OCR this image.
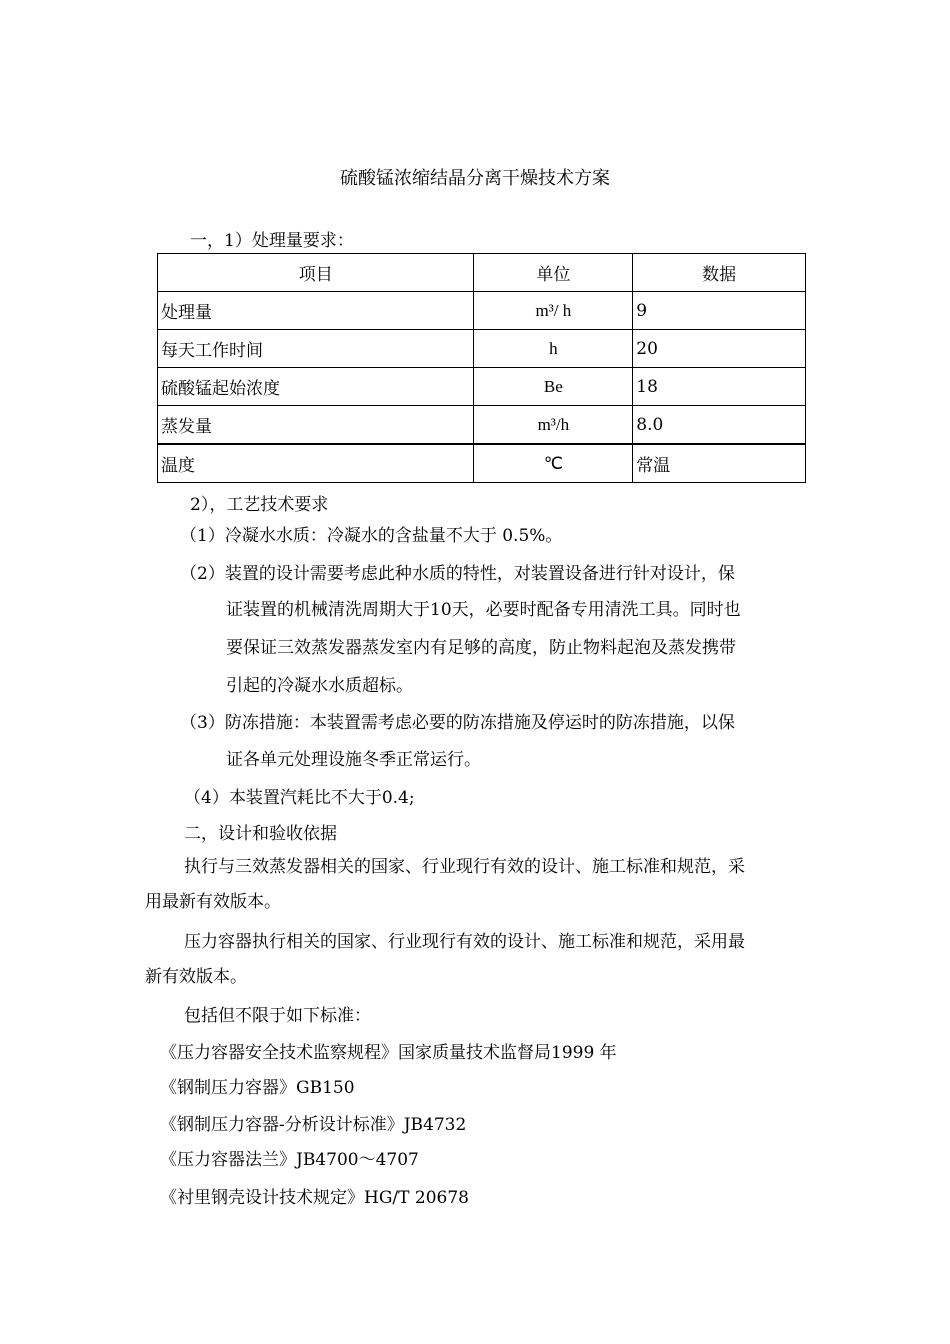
硫酸锰浓缩结晶分离干燥技术方案
一，1）处理量要求：
项目	单位	数据
处理量	m³/ h	9
每天工作时间	h	20
硫酸锰起始浓度	Be	18
蒸发量	m³/h	8.0
温度	℃	常温
2），工艺技术要求
（1）冷凝水水质：冷凝水的含盐量不大于 0.5%。
（2）装置的设计需要考虑此种水质的特性，对装置设备进行针对设计，保
证装置的机械清洗周期大于10天，必要时配备专用清洗工具。同时也
要保证三效蒸发器蒸发室内有足够的高度，防止物料起泡及蒸发携带
引起的冷凝水水质超标。
（3）防冻措施：本装置需考虑必要的防冻措施及停运时的防冻措施，以保
证各单元处理设施冬季正常运行。
（4）本装置汽耗比不大于0.4;
二，设计和验收依据
执行与三效蒸发器相关的国家、行业现行有效的设计、施工标准和规范，采
用最新有效版本。
压力容器执行相关的国家、行业现行有效的设计、施工标准和规范，采用最
新有效版本。
包括但不限于如下标准：
《压力容器安全技术监察规程》国家质量技术监督局1999 年
《钢制压力容器》GB150
《钢制压力容器-分析设计标准》JB4732
《压力容器法兰》JB4700～4707
《衬里钢壳设计技术规定》HG/T 20678
